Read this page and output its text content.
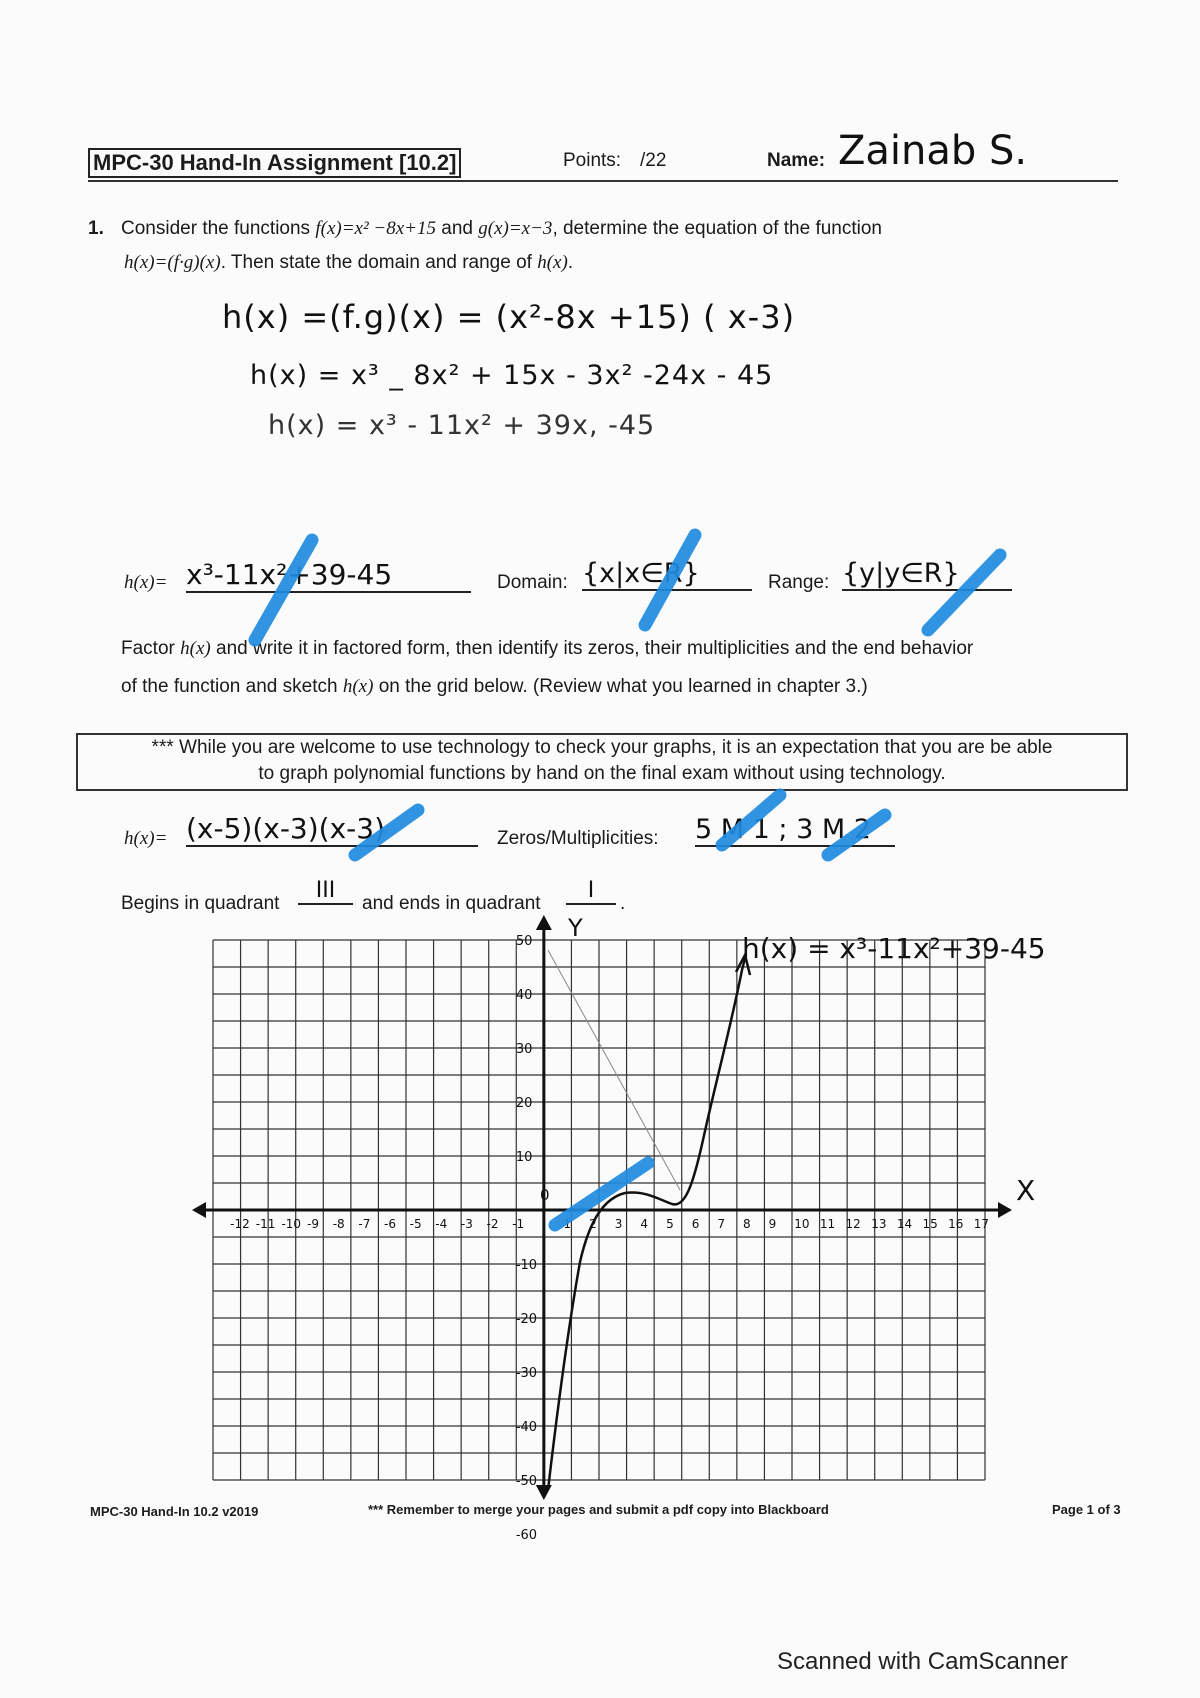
MPC-30 Hand-In Assignment [10.2]	Points: /22	Name: Zainab S.
1. Consider the functions f(x)=x² −8x+15 and g(x)=x−3, determine the equation of the function
h(x)=(f·g)(x). Then state the domain and range of h(x).
h(x) =(f.g)(x) = (x²-8x +15) ( x-3)
h(x) = x³ _ 8x² + 15x - 3x² -24x - 45
h(x) = x³ - 11x² + 39x, -45
h(x)= x³-11x²+39-45	Domain: {x|x∈R}	Range: {y|y∈R}
Factor h(x) and write it in factored form, then identify its zeros, their multiplicities and the end behavior
of the function and sketch h(x) on the grid below. (Review what you learned in chapter 3.)
*** While you are welcome to use technology to check your graphs, it is an expectation that you are be able
to graph polynomial functions by hand on the final exam without using technology.
h(x)= (x-5)(x-3)(x-3)	Zeros/Multiplicities: 5 M 1 ; 3 M 2
Begins in quadrant
III
and ends in quadrant
I
.
50
40
30
20
10
-10
-20
-30
-40
-50
-60
-12 -11 -10 -9 -8 -7 -6 -5 -4 -3 -2 -1	1 2 3 4 5 6 7 8 9 10 11 12 13 14 15 16 17
h(x) = x³-11x²+39-45
Y
X
0
MPC-30 Hand-In 10.2 v2019	*** Remember to merge your pages and submit a pdf copy into Blackboard	Page 1 of 3
Scanned with CamScanner
